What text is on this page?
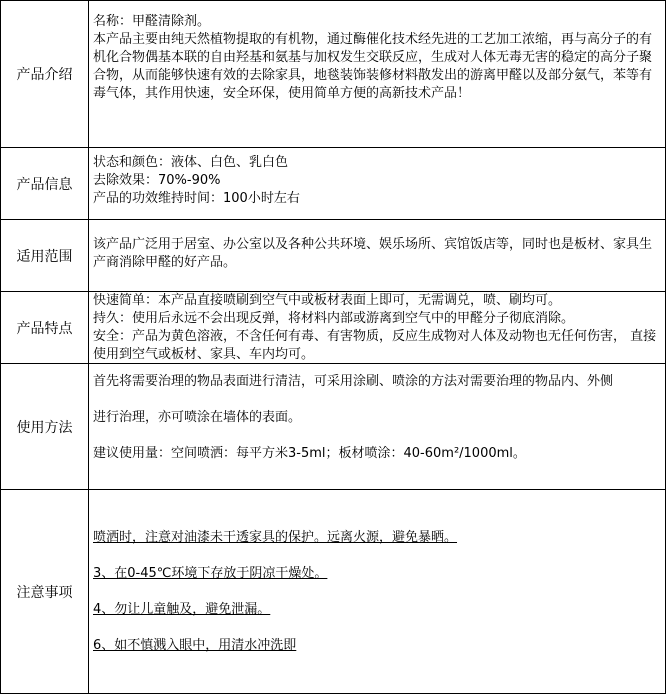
产品介绍

名称：甲醛清除剂。

本产品主要由纯天然植物提取的有机物，通过酶催化技术经先进的工艺加工浓缩，再与高分子的有机化合物偶基本联的自由羟基和氨基与加权发生交联反应，生成对人体无毒无害的稳定的高分子聚合物，从而能够快速有效的去除家具，地毯装饰装修材料散发出的游离甲醛以及部分氨气，苯等有毒气体，其作用快速，安全环保，使用简单方便的高新技术产品！

产品信息

状态和颜色：液体、白色、乳白色

去除效果：70%-90%

产品的功效维持时间：100小时左右

适用范围

该产品广泛用于居室、办公室以及各种公共环境、娱乐场所、宾馆饭店等，同时也是板材、家具生产商消除甲醛的好产品。

产品特点

快速简单：本产品直接喷刷到空气中或板材表面上即可，无需调兑，喷、刷均可。

持久：使用后永远不会出现反弹，将材料内部或游离到空气中的甲醛分子彻底消除。

安全：产品为黄色溶液，不含任何有毒、有害物质，反应生成物对人体及动物也无任何伤害， 直接使用到空气或板材、家具、车内均可。

使用方法

首先将需要治理的物品表面进行清洁，可采用涂刷、喷涂的方法对需要治理的物品内、外侧

进行治理，亦可喷涂在墙体的表面。

建议使用量：空间喷洒：每平方米3-5ml；板材喷涂：40-60m²/1000ml。

注意事项

喷洒时，注意对油漆未干透家具的保护。远离火源，避免暴晒。

3、在0-45℃环境下存放于阴凉干燥处。

4、勿让儿童触及，避免泄漏。

6、如不慎溅入眼中，用清水冲洗即
